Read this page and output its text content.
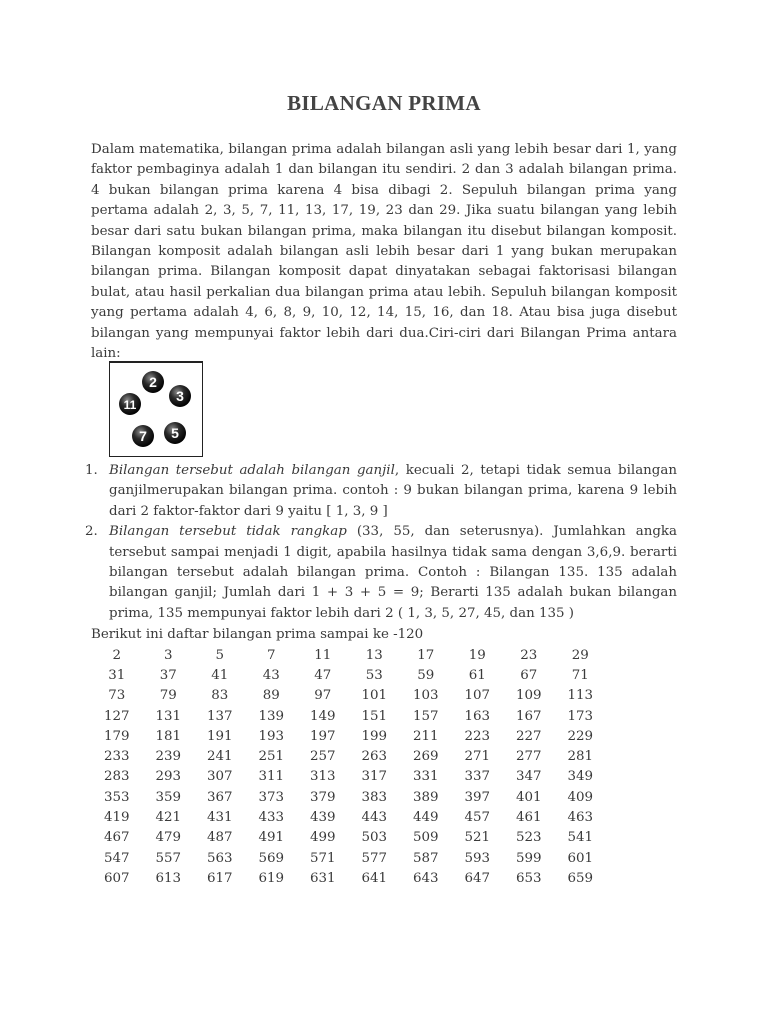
BILANGAN PRIMA

Dalam matematika, bilangan prima adalah bilangan asli yang lebih besar dari 1, yang faktor pembaginya adalah 1 dan bilangan itu sendiri. 2 dan 3 adalah bilangan prima. 4 bukan bilangan prima karena 4 bisa dibagi 2. Sepuluh bilangan prima yang pertama adalah 2, 3, 5, 7, 11, 13, 17, 19, 23 dan 29. Jika suatu bilangan yang lebih besar dari satu bukan bilangan prima, maka bilangan itu disebut bilangan komposit. Bilangan komposit adalah bilangan asli lebih besar dari 1 yang bukan merupakan bilangan prima. Bilangan komposit dapat dinyatakan sebagai faktorisasi bilangan bulat, atau hasil perkalian dua bilangan prima atau lebih. Sepuluh bilangan komposit yang pertama adalah 4, 6, 8, 9, 10, 12, 14, 15, 16, dan 18. Atau bisa juga disebut bilangan yang mempunyai faktor lebih dari dua.Ciri-ciri dari Bilangan Prima antara lain:

2
3
11
7 5
1. Bilangan tersebut adalah bilangan ganjil, kecuali 2, tetapi tidak semua bilangan ganjilmerupakan bilangan prima. contoh : 9 bukan bilangan prima, karena 9 lebih dari 2 faktor-faktor dari 9 yaitu [ 1, 3, 9 ]
2. Bilangan tersebut tidak rangkap (33, 55, dan seterusnya). Jumlahkan angka tersebut sampai menjadi 1 digit, apabila hasilnya tidak sama dengan 3,6,9. berarti bilangan tersebut adalah bilangan prima. Contoh : Bilangan 135. 135 adalah bilangan ganjil; Jumlah dari 1 + 3 + 5 = 9; Berarti 135 adalah bukan bilangan prima, 135 mempunyai faktor lebih dari 2 ( 1, 3, 5, 27, 45, dan 135 )
Berikut ini daftar bilangan prima sampai ke -120
2	3	5	7	11	13	17	19	23	29
31	37	41	43	47	53	59	61	67	71
73	79	83	89	97	101	103	107	109	113
127	131	137	139	149	151	157	163	167	173
179	181	191	193	197	199	211	223	227	229
233	239	241	251	257	263	269	271	277	281
283	293	307	311	313	317	331	337	347	349
353	359	367	373	379	383	389	397	401	409
419	421	431	433	439	443	449	457	461	463
467	479	487	491	499	503	509	521	523	541
547	557	563	569	571	577	587	593	599	601
607	613	617	619	631	641	643	647	653	659
